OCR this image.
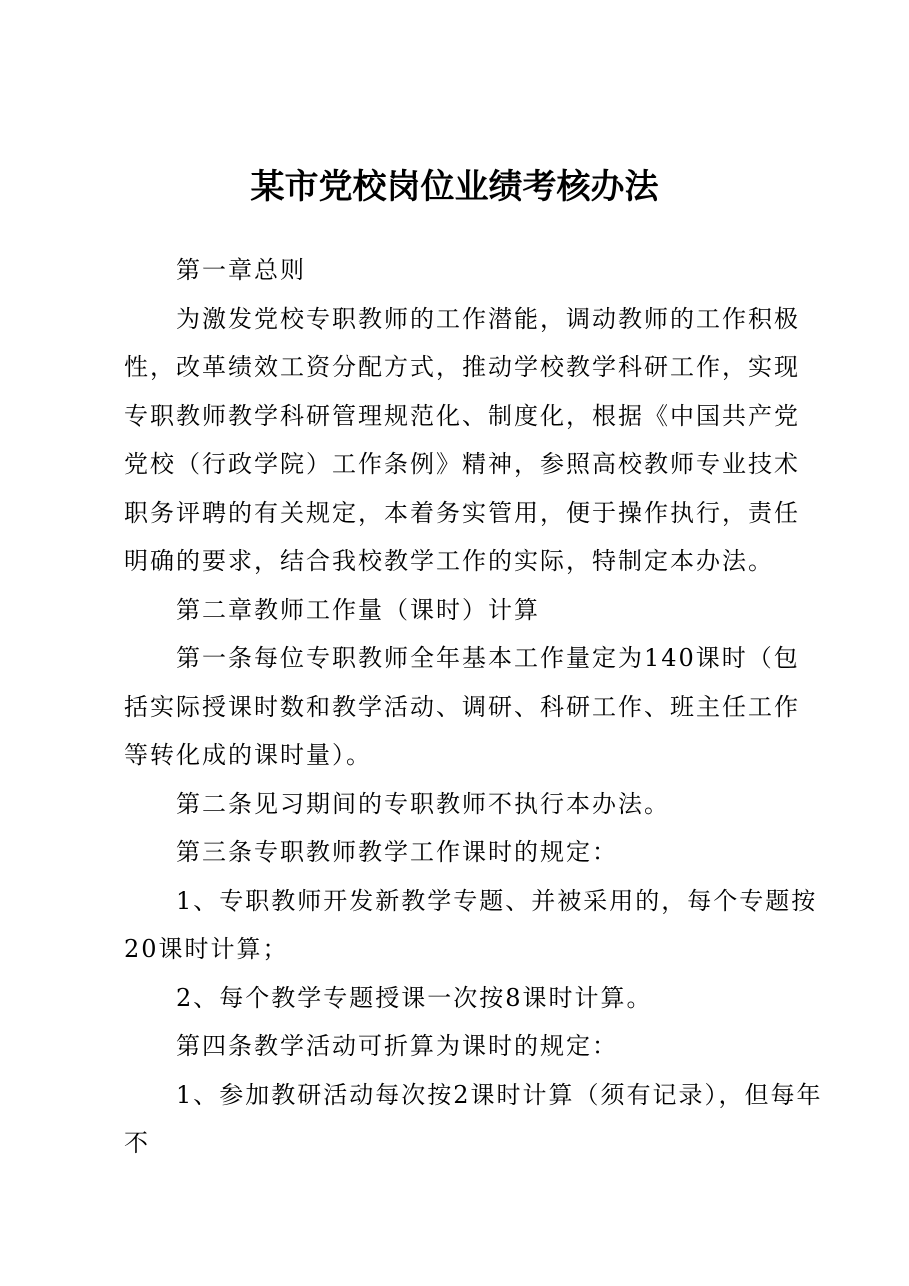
某市党校岗位业绩考核办法

第一章总则

为激发党校专职教师的工作潜能，调动教师的工作积极性，改革绩效工资分配方式，推动学校教学科研工作，实现专职教师教学科研管理规范化、制度化，根据《中国共产党党校（行政学院）工作条例》精神，参照高校教师专业技术职务评聘的有关规定，本着务实管用，便于操作执行，责任明确的要求，结合我校教学工作的实际，特制定本办法。

第二章教师工作量（课时）计算

第一条每位专职教师全年基本工作量定为140课时（包括实际授课时数和教学活动、调研、科研工作、班主任工作等转化成的课时量）。

第二条见习期间的专职教师不执行本办法。

第三条专职教师教学工作课时的规定：

1、专职教师开发新教学专题、并被采用的，每个专题按20课时计算；

2、每个教学专题授课一次按8课时计算。

第四条教学活动可折算为课时的规定：

1、参加教研活动每次按2课时计算（须有记录），但每年不
